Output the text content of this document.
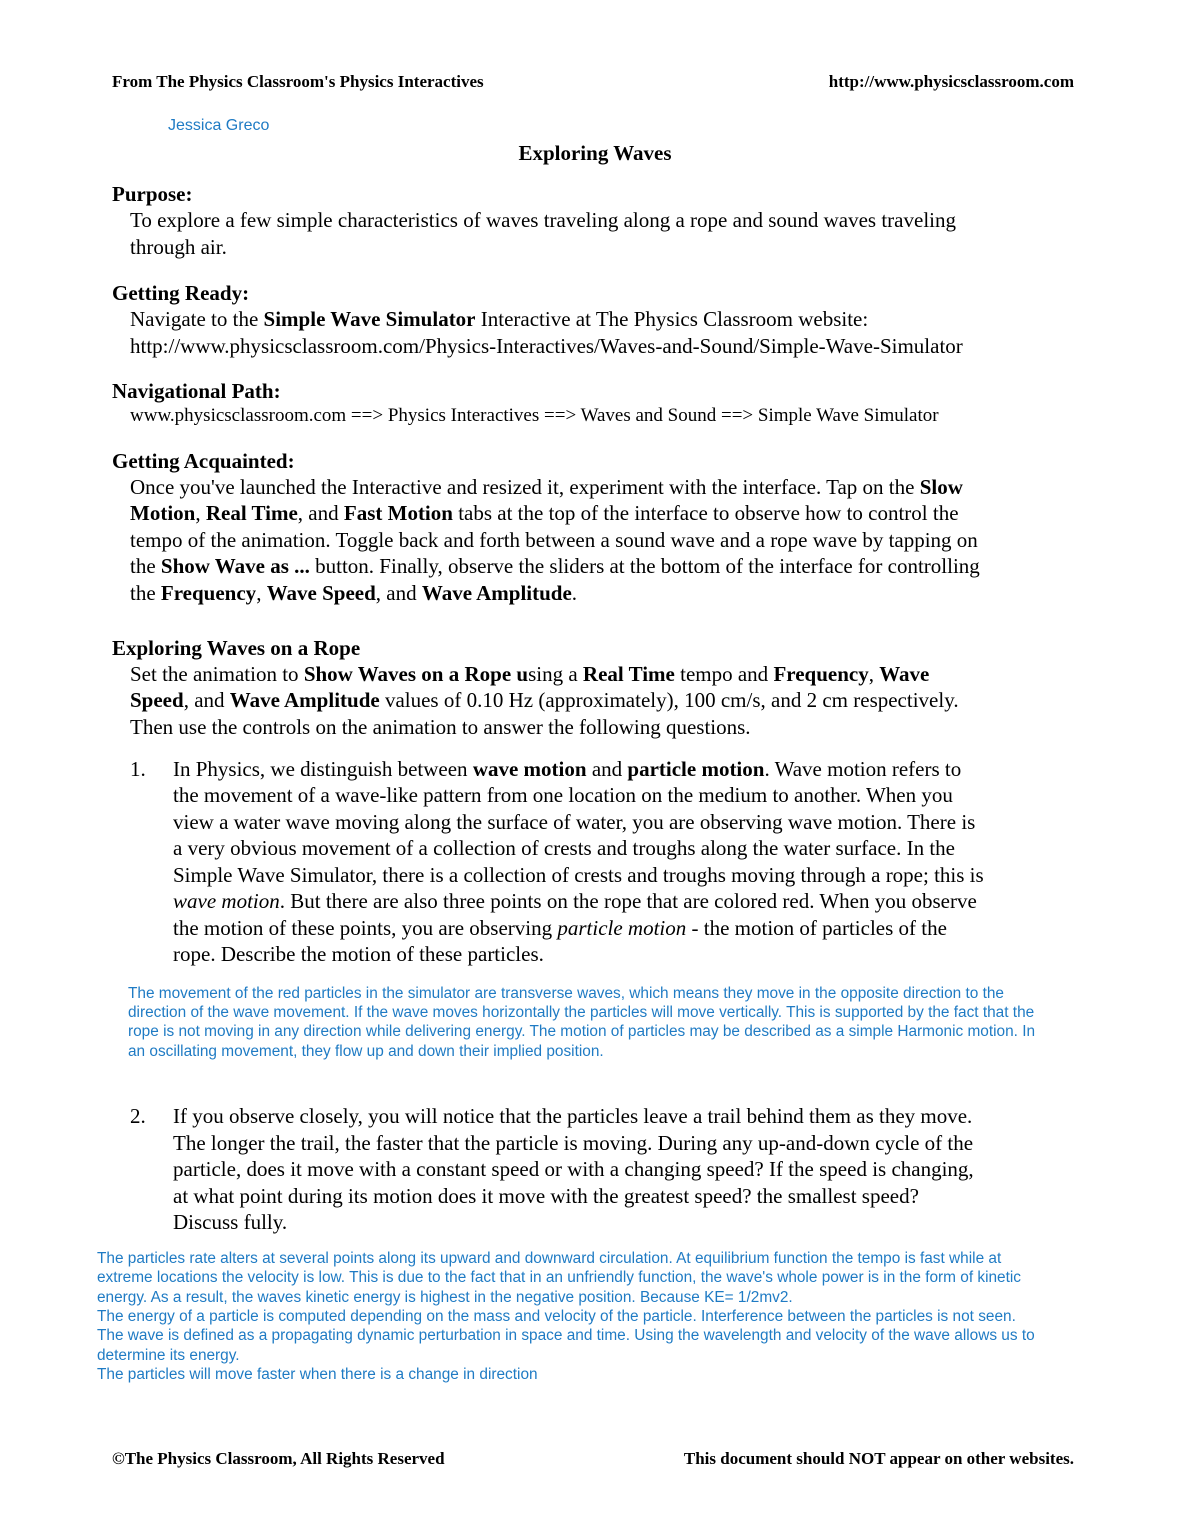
From The Physics Classroom's Physics Interactives	http://www.physicsclassroom.com
Jessica Greco
Exploring Waves
Purpose:
To explore a few simple characteristics of waves traveling along a rope and sound waves traveling
through air.
Getting Ready:
Navigate to the Simple Wave Simulator Interactive at The Physics Classroom website:
http://www.physicsclassroom.com/Physics-Interactives/Waves-and-Sound/Simple-Wave-Simulator
Navigational Path:
www.physicsclassroom.com ==> Physics Interactives ==> Waves and Sound ==> Simple Wave Simulator
Getting Acquainted:
Once you've launched the Interactive and resized it, experiment with the interface. Tap on the Slow
Motion, Real Time, and Fast Motion tabs at the top of the interface to observe how to control the
tempo of the animation. Toggle back and forth between a sound wave and a rope wave by tapping on
the Show Wave as ... button. Finally, observe the sliders at the bottom of the interface for controlling
the Frequency, Wave Speed, and Wave Amplitude.
Exploring Waves on a Rope
Set the animation to Show Waves on a Rope using a Real Time tempo and Frequency, Wave
Speed, and Wave Amplitude values of 0.10 Hz (approximately), 100 cm/s, and 2 cm respectively.
Then use the controls on the animation to answer the following questions.
1. In Physics, we distinguish between wave motion and particle motion. Wave motion refers to
the movement of a wave-like pattern from one location on the medium to another. When you
view a water wave moving along the surface of water, you are observing wave motion. There is
a very obvious movement of a collection of crests and troughs along the water surface. In the
Simple Wave Simulator, there is a collection of crests and troughs moving through a rope; this is
wave motion. But there are also three points on the rope that are colored red. When you observe
the motion of these points, you are observing particle motion - the motion of particles of the
rope. Describe the motion of these particles.
The movement of the red particles in the simulator are transverse waves, which means they move in the opposite direction to the
direction of the wave movement. If the wave moves horizontally the particles will move vertically. This is supported by the fact that the
rope is not moving in any direction while delivering energy. The motion of particles may be described as a simple Harmonic motion. In
an oscillating movement, they flow up and down their implied position.
2. If you observe closely, you will notice that the particles leave a trail behind them as they move.
The longer the trail, the faster that the particle is moving. During any up-and-down cycle of the
particle, does it move with a constant speed or with a changing speed? If the speed is changing,
at what point during its motion does it move with the greatest speed? the smallest speed?
Discuss fully.
The particles rate alters at several points along its upward and downward circulation. At equilibrium function the tempo is fast while at
extreme locations the velocity is low. This is due to the fact that in an unfriendly function, the wave's whole power is in the form of kinetic
energy. As a result, the waves kinetic energy is highest in the negative position. Because KE= 1/2mv2.
The energy of a particle is computed depending on the mass and velocity of the particle. Interference between the particles is not seen.
The wave is defined as a propagating dynamic perturbation in space and time. Using the wavelength and velocity of the wave allows us to
determine its energy.
The particles will move faster when there is a change in direction
©The Physics Classroom, All Rights Reserved	This document should NOT appear on other websites.
